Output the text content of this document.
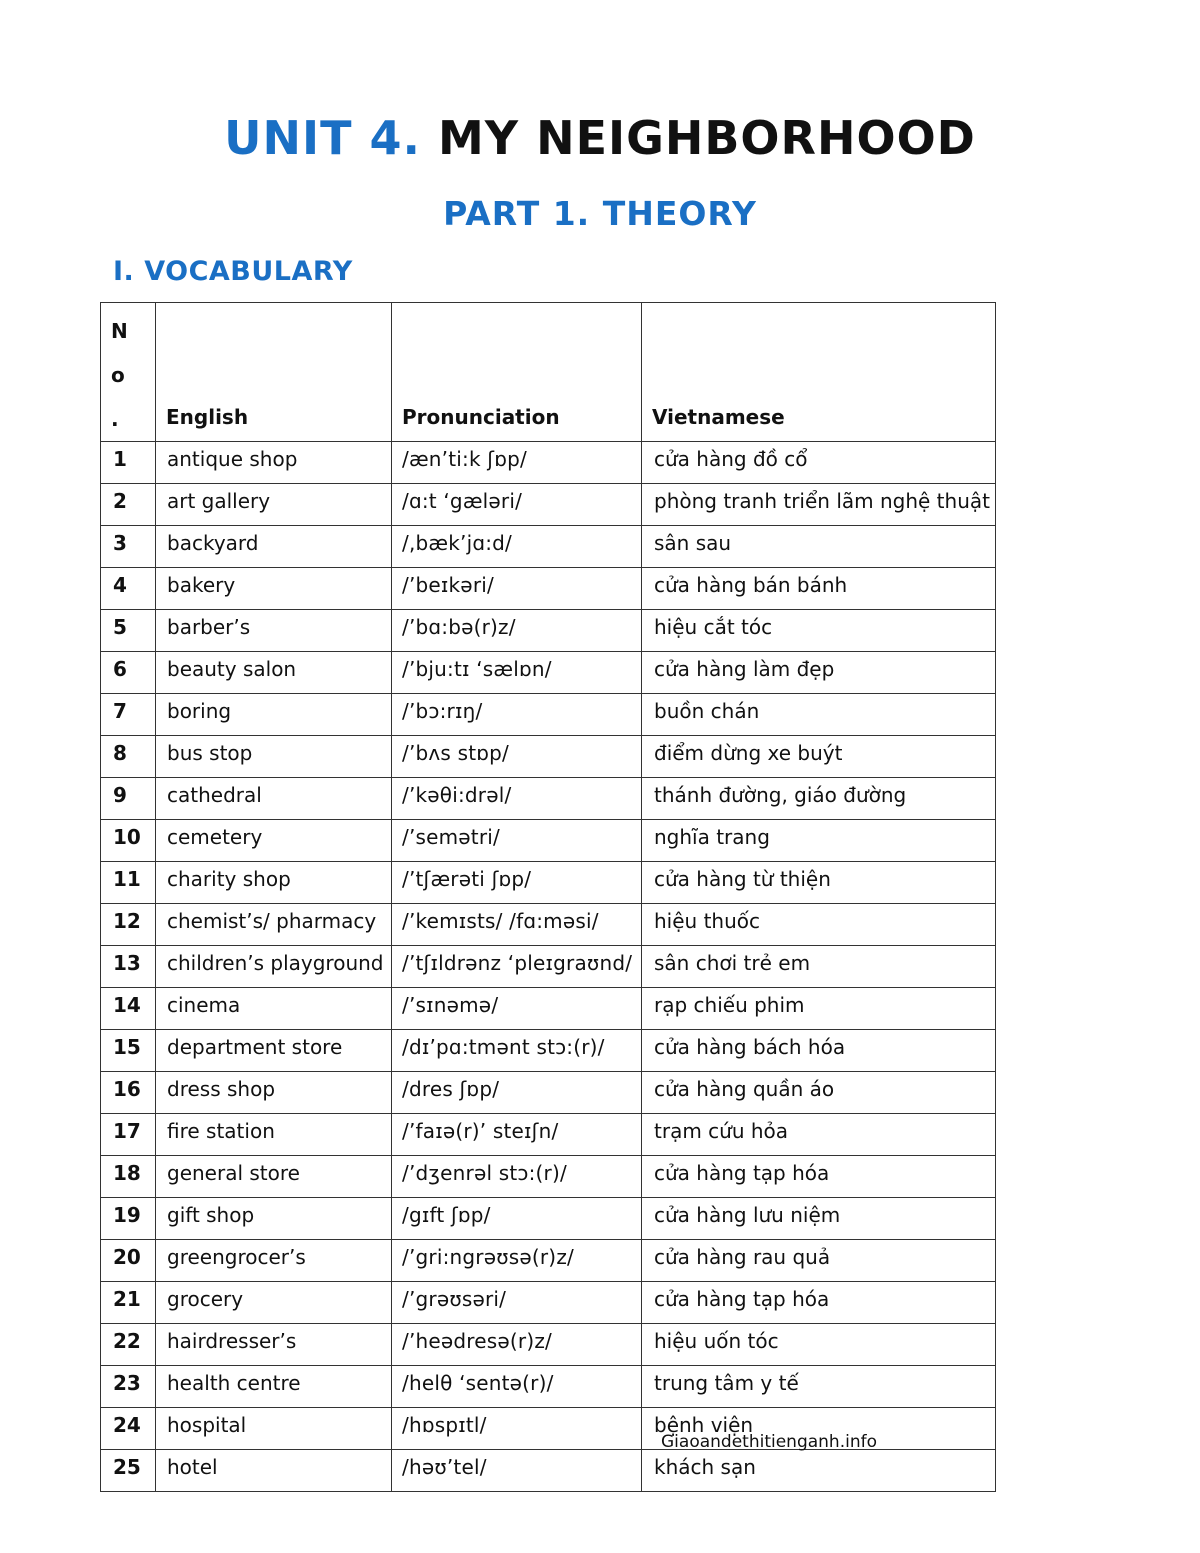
UNIT 4. MY NEIGHBORHOOD
PART 1. THEORY
I. VOCABULARY
No .	English	Pronunciation	Vietnamese
1	antique shop	/æn’ti:k ʃɒp/	cửa hàng đồ cổ
2	art gallery	/ɑ:t ‘gæləri/	phòng tranh triển lãm nghệ thuật
3	backyard	/,bæk’jɑ:d/	sân sau
4	bakery	/’beɪkəri/	cửa hàng bán bánh
5	barber’s	/’bɑ:bə(r)z/	hiệu cắt tóc
6	beauty salon	/’bju:tɪ ‘sælɒn/	cửa hàng làm đẹp
7	boring	/’bɔ:rɪŋ/	buồn chán
8	bus stop	/’bʌs stɒp/	điểm dừng xe buýt
9	cathedral	/’kəθi:drəl/	thánh đường, giáo đường
10	cemetery	/’semətri/	nghĩa trang
11	charity shop	/’tʃærəti ʃɒp/	cửa hàng từ thiện
12	chemist’s/ pharmacy	/’kemɪsts/ /fɑ:məsi/	hiệu thuốc
13	children’s playground	/’tʃɪldrənz ‘pleɪgraʊnd/	sân chơi trẻ em
14	cinema	/’sɪnəmə/	rạp chiếu phim
15	department store	/dɪ’pɑ:tmənt stɔ:(r)/	cửa hàng bách hóa
16	dress shop	/dres ʃɒp/	cửa hàng quần áo
17	fire station	/’faɪə(r)’ steɪʃn/	trạm cứu hỏa
18	general store	/’dʒenrəl stɔ:(r)/	cửa hàng tạp hóa
19	gift shop	/gɪft ʃɒp/	cửa hàng lưu niệm
20	greengrocer’s	/’gri:ngrəʊsə(r)z/	cửa hàng rau quả
21	grocery	/’grəʊsəri/	cửa hàng tạp hóa
22	hairdresser’s	/’heədresə(r)z/	hiệu uốn tóc
23	health centre	/helθ ‘sentə(r)/	trung tâm y tế
24	hospital	/hɒspɪtl/	bệnh viện
25	hotel	/həʊ’tel/	khách sạn
Giaoandethitienganh.info
